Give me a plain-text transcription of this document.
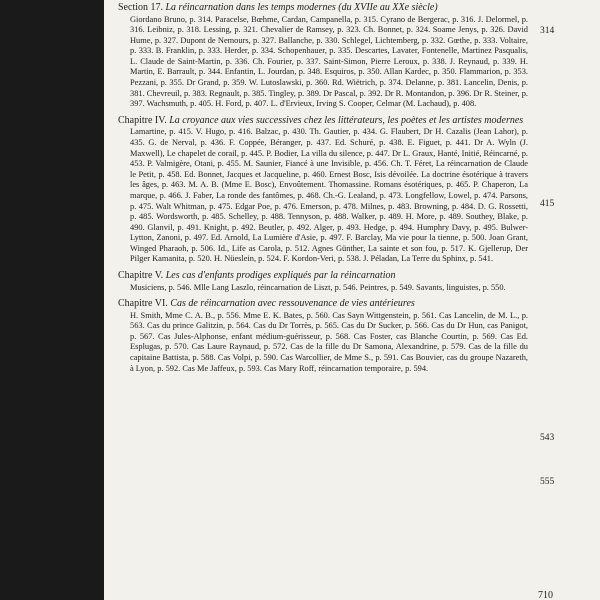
Section 17. La réincarnation dans les temps modernes (du XVIIe au XXe siècle)

Giordano Bruno, p. 314. Paracelse, Bœhme, Cardan, Campanella, p. 315. Cyrano de Bergerac, p. 316. J. Delormel, p. 316. Leibniz, p. 318. Lessing, p. 321. Chevalier de Ramsey, p. 323. Ch. Bonnet, p. 324. Soame Jenys, p. 326. David Hume, p. 327. Dupont de Nemours, p. 327. Ballanche, p. 330. Schlegel, Lichtemberg, p. 332. Gœthe, p. 333. Voltaire, p. 333. B. Franklin, p. 333. Herder, p. 334. Schopenhauer, p. 335. Descartes, Lavater, Fontenelle, Martinez Pasqualis, L. Claude de Saint-Martin, p. 336. Ch. Fourier, p. 337. Saint-Simon, Pierre Leroux, p. 338. J. Reynaud, p. 339. H. Martin, E. Barrault, p. 344. Enfantin, L. Jourdan, p. 348. Esquiros, p. 350. Allan Kardec, p. 350. Flammarion, p. 353. Pezzani, p. 355. Dr Grand, p. 359. W. Lutoslawski, p. 360. Rd. Wiëtrich, p. 374. Delanne, p. 381. Lancelin, Denis, p. 381. Chevreuil, p. 383. Regnault, p. 385. Tingley, p. 389. Dr Pascal, p. 392. Dr R. Montandon, p. 396. Dr R. Steiner, p. 397. Wachsmuth, p. 405. H. Ford, p. 407. L. d'Ervieux, Irving S. Cooper, Celmar (M. Lachaud), p. 408.

Chapitre IV. La croyance aux vies successives chez les littérateurs, les poètes et les artistes modernes

Lamartine, p. 415. V. Hugo, p. 416. Balzac, p. 430. Th. Gautier, p. 434. G. Flaubert, Dr H. Cazalis (Jean Lahor), p. 435. G. de Nerval, p. 436. F. Coppée, Béranger, p. 437. Ed. Schuré, p. 438. E. Figuet, p. 441. Dr A. Wyln (J. Maxwell), Le chapelet de corail, p. 445. P. Bodier, La villa du silence, p. 447. Dr L. Graux, Hanté, Initié, Réincarné, p. 453. P. Valmigère, Otani, p. 455. M. Saunier, Fiancé à une Invisible, p. 456. Ch. T. Féret, La réincarnation de Claude le Petit, p. 458. Ed. Bonnet, Jacques et Jacqueline, p. 460. Ernest Bosc, Isis dévoilée. La doctrine ésotérique à travers les âges, p. 463. M. A. B. (Mme E. Bosc), Envoûtement. Thomassine. Romans ésotériques, p. 465. P. Chaperon, La marque, p. 466. J. Faber, La ronde des fantômes, p. 468. Ch.-G. Lealand, p. 473. Longfellow, Lowel, p. 474. Parsons, p. 475. Walt Whitman, p. 475. Edgar Poe, p. 476. Emerson, p. 478. Milnes, p. 483. Browning, p. 484. D. G. Rossetti, p. 485. Wordsworth, p. 485. Schelley, p. 488. Tennyson, p. 488. Walker, p. 489. H. More, p. 489. Southey, Blake, p. 490. Glanvil, p. 491. Knight, p. 492. Beutler, p. 492. Alger, p. 493. Hedge, p. 494. Humphry Davy, p. 495. Bulwer-Lytton, Zanoni, p. 497. Ed. Arnold, La Lumière d'Asie, p. 497. F. Barclay, Ma vie pour la tienne, p. 500. Joan Grant, Winged Pharaoh, p. 506. Id., Life as Carola, p. 512. Agnes Günther, La sainte et son fou, p. 517. K. Gjellerup, Der Pilger Kamanita, p. 520. H. Nüeslein, p. 524. F. Kordon-Veri, p. 538. J. Péladan, La Terre du Sphinx, p. 541.

Chapitre V. Les cas d'enfants prodiges expliqués par la réincarnation

Musiciens, p. 546. Mlle Lang Laszlo, réincarnation de Liszt, p. 546. Peintres, p. 549. Savants, linguistes, p. 550.

Chapitre VI. Cas de réincarnation avec ressouvenance de vies antérieures

H. Smith, Mme C. A. B., p. 556. Mme E. K. Bates, p. 560. Cas Sayn Wittgenstein, p. 561. Cas Lancelin, de M. L., p. 563. Cas du prince Galitzin, p. 564. Cas du Dr Torrès, p. 565. Cas du Dr Sucker, p. 566. Cas du Dr Hun, cas Panigot, p. 567. Cas Jules-Alphonse, enfant médium-guérisseur, p. 568. Cas Foster, cas Blanche Courtin, p. 569. Cas Ed. Esplugas, p. 570. Cas Laure Raynaud, p. 572. Cas de la fille du Dr Samona, Alexandrine, p. 579. Cas de la fille du capitaine Battista, p. 588. Cas Volpi, p. 590. Cas Warcollier, de Mme S., p. 591. Cas Bouvier, cas du groupe Nazareth, à Lyon, p. 592. Cas Me Jaffeux, p. 593. Cas Mary Roff, réincarnation temporaire, p. 594.

314
415
543
555
710
